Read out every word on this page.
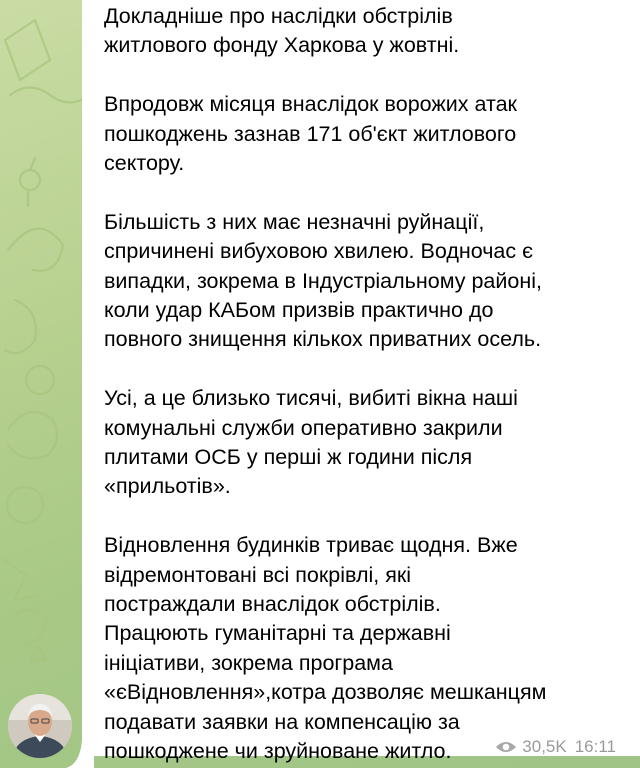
Докладніше про наслідки обстрілів
житлового фонду Харкова у жовтні.

Впродовж місяця внаслідок ворожих атак
пошкоджень зазнав 171 об'єкт житлового
сектору.

Більшість з них має незначні руйнації,
спричинені вибуховою хвилею. Водночас є
випадки, зокрема в Індустріальному районі,
коли удар КАБом призвів практично до
повного знищення кількох приватних осель.

Усі, а це близько тисячі, вибиті вікна наші
комунальні служби оперативно закрили
плитами ОСБ у перші ж години після
«прильотів».

Відновлення будинків триває щодня. Вже
відремонтовані всі покрівлі, які
постраждали внаслідок обстрілів.
Працюють гуманітарні та державні
ініціативи, зокрема програма
«єВідновлення»,котра дозволяє мешканцям
подавати заявки на компенсацію за
пошкоджене чи зруйноване житло.	30,5K 16:11
